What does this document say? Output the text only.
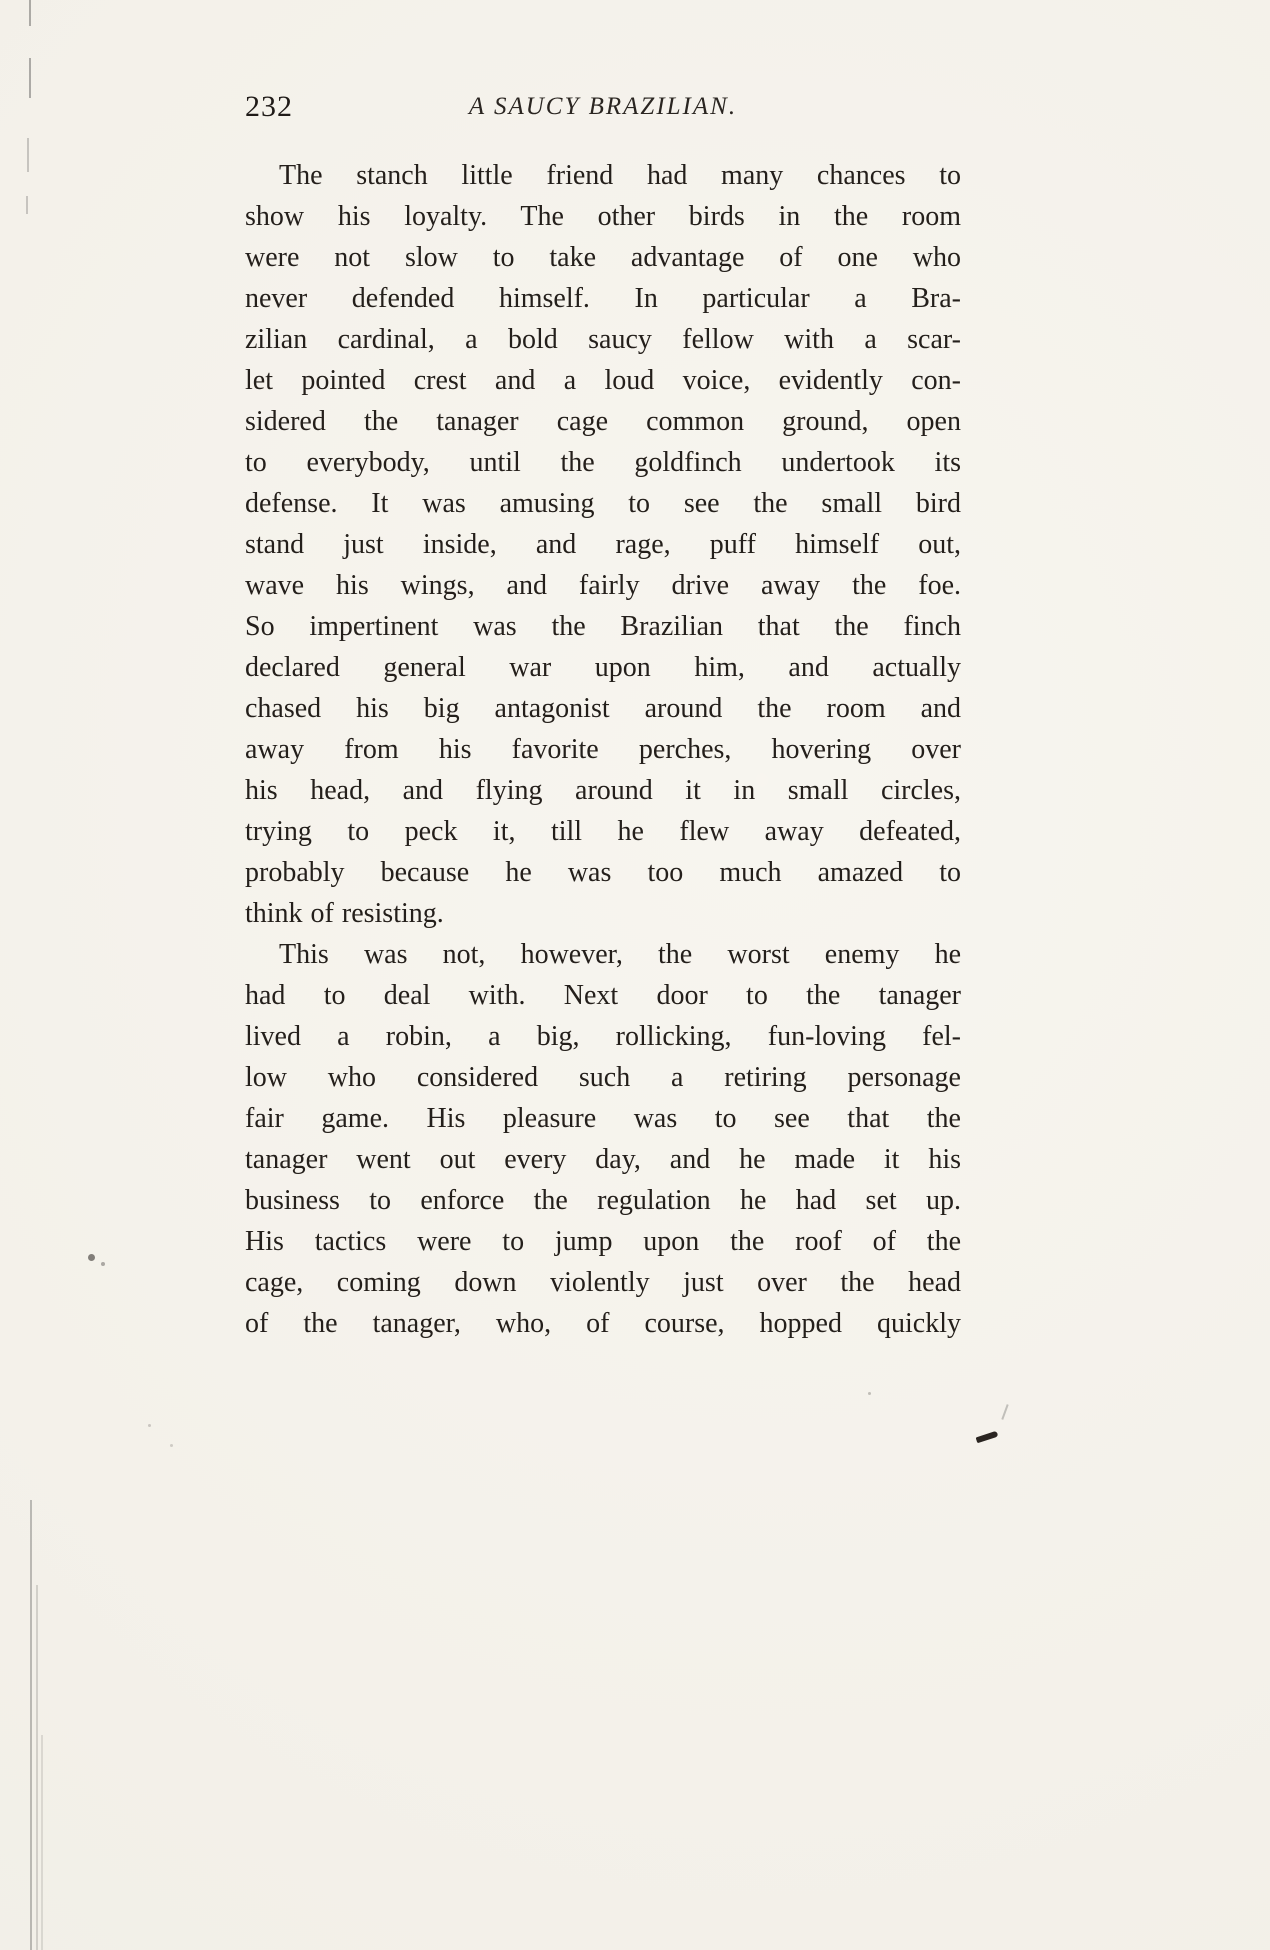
232	A SAUCY BRAZILIAN.
The stanch little friend had many chances to
show his loyalty. The other birds in the room
were not slow to take advantage of one who
never defended himself. In particular a Bra-
zilian cardinal, a bold saucy fellow with a scar-
let pointed crest and a loud voice, evidently con-
sidered the tanager cage common ground, open
to everybody, until the goldfinch undertook its
defense. It was amusing to see the small bird
stand just inside, and rage, puff himself out,
wave his wings, and fairly drive away the foe.
So impertinent was the Brazilian that the finch
declared general war upon him, and actually
chased his big antagonist around the room and
away from his favorite perches, hovering over
his head, and flying around it in small circles,
trying to peck it, till he flew away defeated,
probably because he was too much amazed to
think of resisting.
This was not, however, the worst enemy he
had to deal with. Next door to the tanager
lived a robin, a big, rollicking, fun-loving fel-
low who considered such a retiring personage
fair game. His pleasure was to see that the
tanager went out every day, and he made it his
business to enforce the regulation he had set up.
His tactics were to jump upon the roof of the
cage, coming down violently just over the head
of the tanager, who, of course, hopped quickly
